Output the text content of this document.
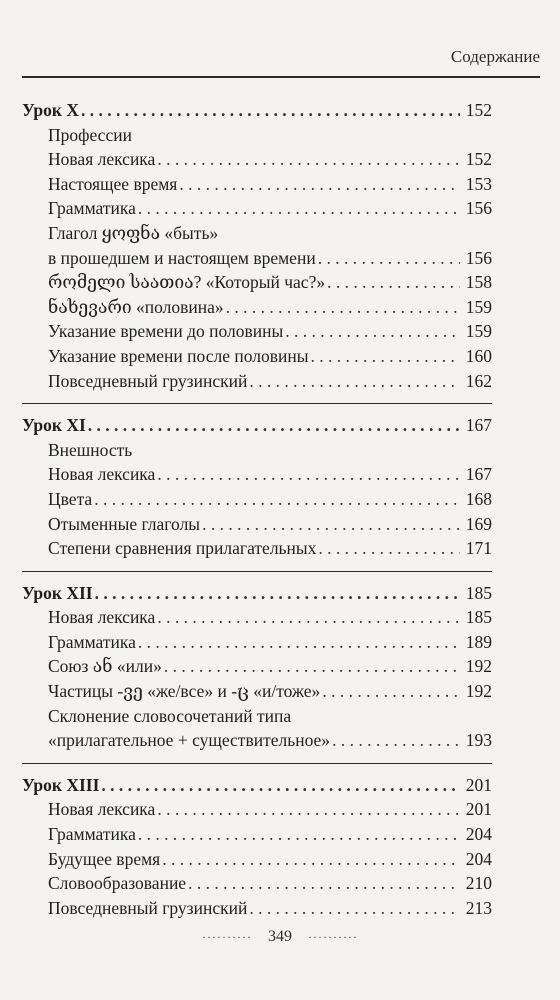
Содержание
Урок X . . .	152
Профессии
Новая лексика . . .	152
Настоящее время . . .	153
Грамматика . . .	156
Глагол ყოფნა «быть»
в прошедшем и настоящем времени . . .	156
რომელი საათია? «Который час?» . . .	158
ნახევარი «половина» . . .	159
Указание времени до половины . . .	159
Указание времени после половины . . .	160
Повседневный грузинский . . .	162
Урок XI . . .	167
Внешность
Новая лексика . . .	167
Цвета . . .	168
Отыменные глаголы . . .	169
Степени сравнения прилагательных . . .	171
Урок XII . . .	185
Новая лексика . . .	185
Грамматика . . .	189
Союз ან «или» . . .	192
Частицы -ვე «же/все» и -ც «и/тоже» . . .	192
Склонение словосочетаний типа
«прилагательное + существительное» . . .	193
Урок XIII . . .	201
Новая лексика . . .	201
Грамматика . . .	204
Будущее время . . .	204
Словообразование . . .	210
Повседневный грузинский . . .	213
·········· 349 ··········
